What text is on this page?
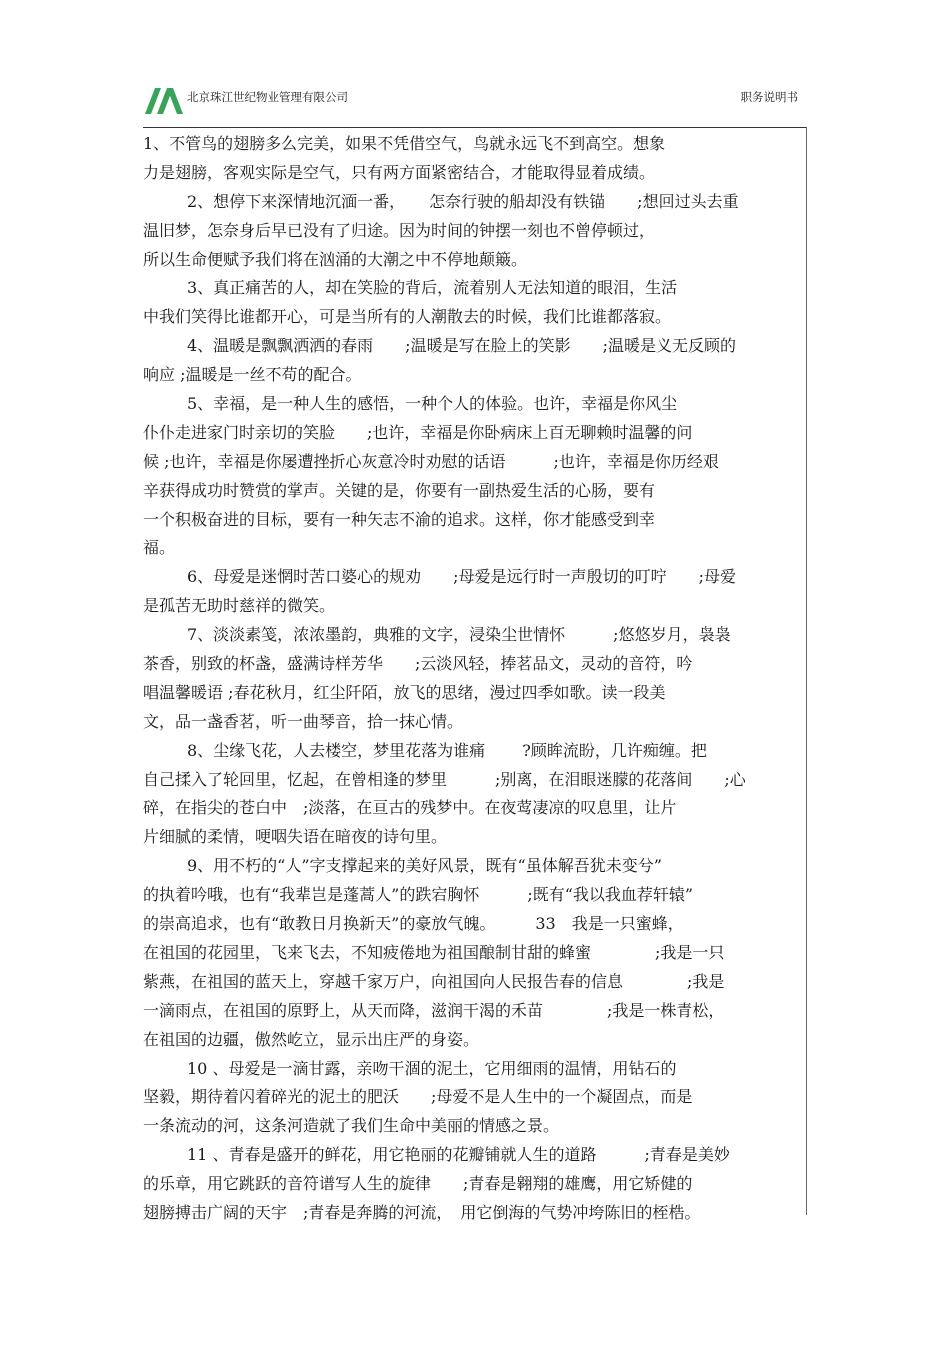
北京珠江世纪物业管理有限公司	职务说明书
1、不管鸟的翅膀多么完美，如果不凭借空气，鸟就永远飞不到高空。想象
力是翅膀，客观实际是空气，只有两方面紧密结合，才能取得显着成绩。
2、想停下来深情地沉湎一番，　　怎奈行驶的船却没有铁锚　　;想回过头去重
温旧梦，怎奈身后早已没有了归途。因为时间的钟摆一刻也不曾停顿过，
所以生命便赋予我们将在汹涌的大潮之中不停地颠簸。
3、真正痛苦的人，却在笑脸的背后，流着别人无法知道的眼泪，生活
中我们笑得比谁都开心，可是当所有的人潮散去的时候，我们比谁都落寂。
4、温暖是飘飘洒洒的春雨　　;温暖是写在脸上的笑影　　;温暖是义无反顾的
响应 ;温暖是一丝不苟的配合。
5、幸福，是一种人生的感悟，一种个人的体验。也许，幸福是你风尘
仆仆走进家门时亲切的笑脸　　;也许，幸福是你卧病床上百无聊赖时温馨的问
候 ;也许，幸福是你屡遭挫折心灰意冷时劝慰的话语　　　;也许，幸福是你历经艰
辛获得成功时赞赏的掌声。关键的是，你要有一副热爱生活的心肠，要有
一个积极奋进的目标，要有一种矢志不渝的追求。这样，你才能感受到幸
福。
6、母爱是迷惘时苦口婆心的规劝　　;母爱是远行时一声殷切的叮咛　　;母爱
是孤苦无助时慈祥的微笑。
7、淡淡素笺，浓浓墨韵，典雅的文字，浸染尘世情怀　　　;悠悠岁月，袅袅
茶香，别致的杯盏，盛满诗样芳华　　;云淡风轻，捧茗品文，灵动的音符，吟
唱温馨暖语 ;春花秋月，红尘阡陌，放飞的思绪，漫过四季如歌。读一段美
文，品一盏香茗，听一曲琴音，拾一抹心情。
8、尘缘飞花，人去楼空，梦里花落为谁痛　　 ?顾眸流盼，几许痴缠。把
自己揉入了轮回里，忆起，在曾相逢的梦里　　　;别离，在泪眼迷朦的花落间　　;心
碎，在指尖的苍白中　;淡落，在亘古的残梦中。在夜莺凄凉的叹息里，让片
片细腻的柔情，哽咽失语在暗夜的诗句里。
9、用不朽的“人”字支撑起来的美好风景，既有“虽体解吾犹未变兮”
的执着吟哦，也有“我辈岂是蓬蒿人”的跌宕胸怀　　　;既有“我以我血荐轩辕”
的崇高追求，也有“敢教日月换新天”的豪放气魄。　　　33　我是一只蜜蜂，
在祖国的花园里，飞来飞去，不知疲倦地为祖国酿制甘甜的蜂蜜　　　　;我是一只
紫燕，在祖国的蓝天上，穿越千家万户，向祖国向人民报告春的信息　　　　;我是
一滴雨点，在祖国的原野上，从天而降，滋润干渴的禾苗　　　　;我是一株青松，
在祖国的边疆，傲然屹立，显示出庄严的身姿。
10 、母爱是一滴甘露，亲吻干涸的泥土，它用细雨的温情，用钻石的
坚毅，期待着闪着碎光的泥土的肥沃　　;母爱不是人生中的一个凝固点，而是
一条流动的河，这条河造就了我们生命中美丽的情感之景。
11 、青春是盛开的鲜花，用它艳丽的花瓣铺就人生的道路　　　;青春是美妙
的乐章，用它跳跃的音符谱写人生的旋律　　;青春是翱翔的雄鹰，用它矫健的
翅膀搏击广阔的天宇　;青春是奔腾的河流，　用它倒海的气势冲垮陈旧的桎梏。
